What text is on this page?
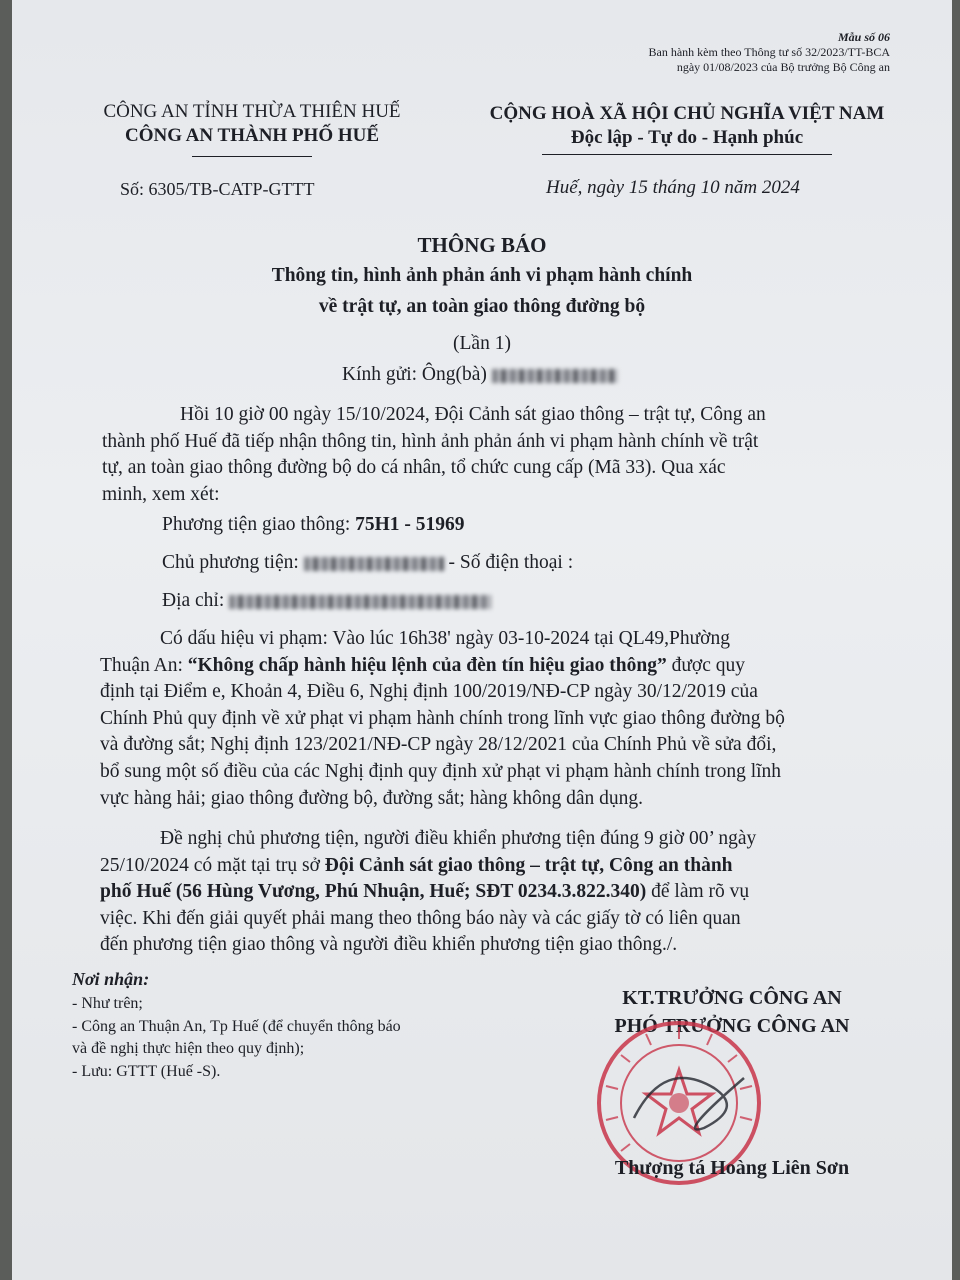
Mẫu số 06
Ban hành kèm theo Thông tư số 32/2023/TT-BCA
ngày 01/08/2023 của Bộ trưởng Bộ Công an
CÔNG AN TỈNH THỪA THIÊN HUẾ
CÔNG AN THÀNH PHỐ HUẾ
Số: 6305/TB-CATP-GTTT
CỘNG HOÀ XÃ HỘI CHỦ NGHĨA VIỆT NAM
Độc lập - Tự do - Hạnh phúc
Huế, ngày 15 tháng 10 năm 2024
THÔNG BÁO
Thông tin, hình ảnh phản ánh vi phạm hành chính
về trật tự, an toàn giao thông đường bộ
(Lần 1)
Kính gửi: Ông(bà)
Hồi 10 giờ 00 ngày 15/10/2024, Đội Cảnh sát giao thông – trật tự, Công an
thành phố Huế đã tiếp nhận thông tin, hình ảnh phản ánh vi phạm hành chính về trật
tự, an toàn giao thông đường bộ do cá nhân, tổ chức cung cấp (Mã 33). Qua xác
minh, xem xét:
Phương tiện giao thông: 75H1 - 51969
Chủ phương tiện:	- Số điện thoại :
Địa chỉ:
Có dấu hiệu vi phạm: Vào lúc 16h38' ngày 03-10-2024 tại QL49,Phường
Thuận An: “Không chấp hành hiệu lệnh của đèn tín hiệu giao thông” được quy
định tại Điểm e, Khoản 4, Điều 6, Nghị định 100/2019/NĐ-CP ngày 30/12/2019 của
Chính Phủ quy định về xử phạt vi phạm hành chính trong lĩnh vực giao thông đường bộ
và đường sắt; Nghị định 123/2021/NĐ-CP ngày 28/12/2021 của Chính Phủ về sửa đổi,
bổ sung một số điều của các Nghị định quy định xử phạt vi phạm hành chính trong lĩnh
vực hàng hải; giao thông đường bộ, đường sắt; hàng không dân dụng.
Đề nghị chủ phương tiện, người điều khiển phương tiện đúng 9 giờ 00’ ngày
25/10/2024 có mặt tại trụ sở Đội Cảnh sát giao thông – trật tự, Công an thành
phố Huế (56 Hùng Vương, Phú Nhuận, Huế; SĐT 0234.3.822.340) để làm rõ vụ
việc. Khi đến giải quyết phải mang theo thông báo này và các giấy tờ có liên quan
đến phương tiện giao thông và người điều khiển phương tiện giao thông./.
Nơi nhận:
- Như trên;
- Công an Thuận An, Tp Huế (để chuyển thông báo
và đề nghị thực hiện theo quy định);
- Lưu: GTTT (Huế -S).
KT.TRƯỞNG CÔNG AN
PHÓ TRƯỞNG CÔNG AN
Thượng tá Hoàng Liên Sơn
